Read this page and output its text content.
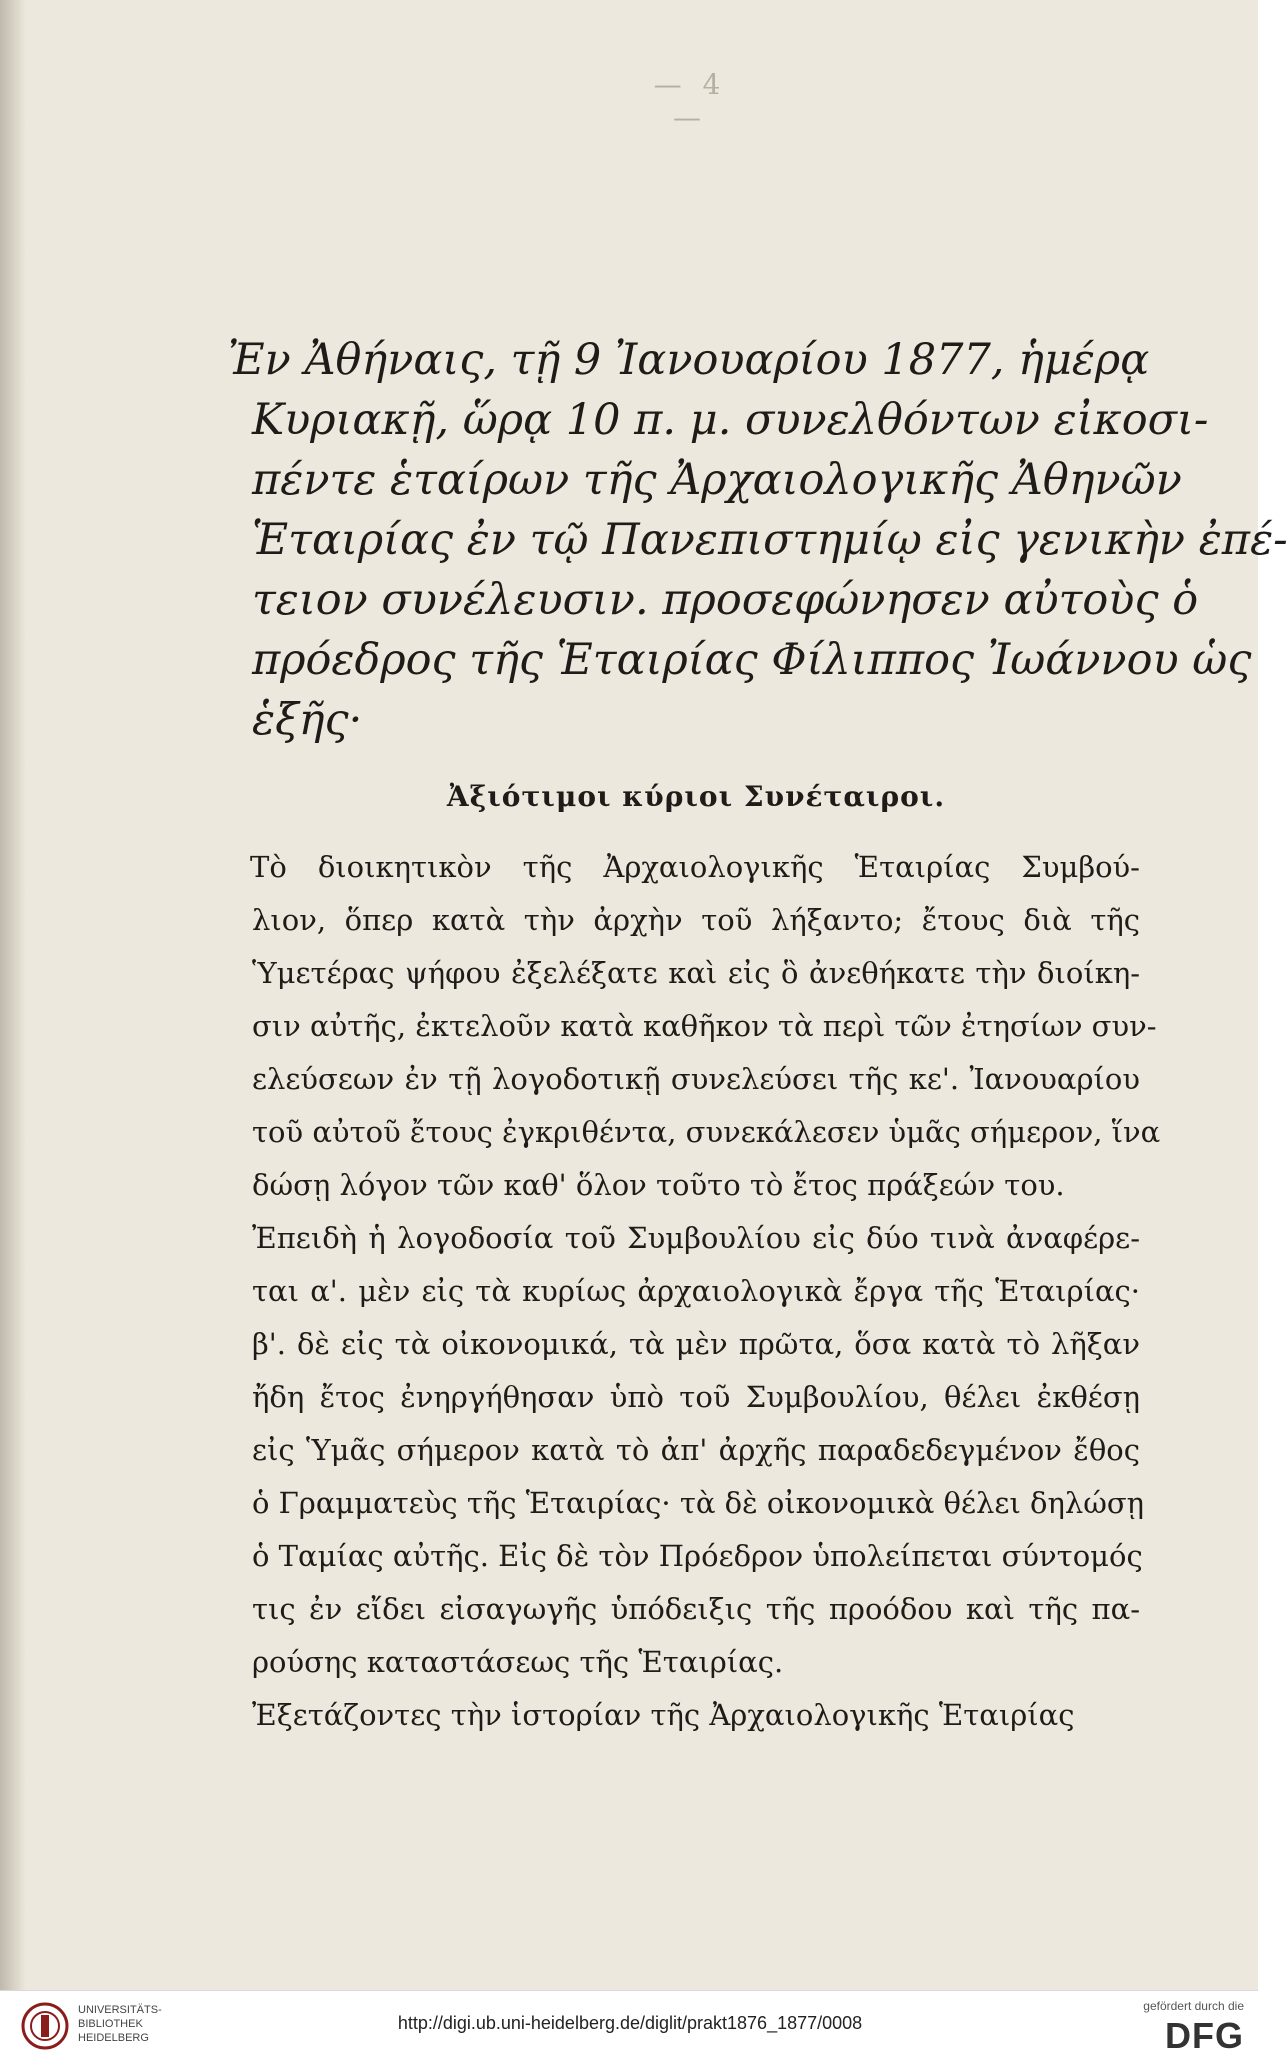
— 4 —
Ἐν Ἀθήναις, τῇ 9 Ἰανουαρίου 1877, ἡμέρᾳ
Κυριακῇ, ὥρᾳ 10 π. μ. συνελθόντων εἰκοσι-
πέντε ἑταίρων τῆς Ἀρχαιολογικῆς Ἀθηνῶν
Ἑταιρίας ἐν τῷ Πανεπιστημίῳ εἰς γενικὴν ἐπέ-
τειον συνέλευσιν. προσεφώνησεν αὐτοὺς ὁ
πρόεδρος τῆς Ἑταιρίας Φίλιππος Ἰωάννου ὡς
ἑξῆς·
Ἀξιότιμοι κύριοι Συνέταιροι.
Τὸ διοικητικὸν τῆς Ἀρχαιολογικῆς Ἑταιρίας Συμβού-
λιον, ὅπερ κατὰ τὴν ἀρχὴν τοῦ λήξαντο; ἔτους διὰ τῆς
Ὑμετέρας ψήφου ἐξελέξατε καὶ εἰς ὃ ἀνεθήκατε τὴν διοίκη-
σιν αὐτῆς, ἐκτελοῦν κατὰ καθῆκον τὰ περὶ τῶν ἐτησίων συν-
ελεύσεων ἐν τῇ λογοδοτικῇ συνελεύσει τῆς κε'. Ἰανουαρίου
τοῦ αὐτοῦ ἔτους ἐγκριθέντα, συνεκάλεσεν ὑμᾶς σήμερον, ἵνα
δώσῃ λόγον τῶν καθ' ὅλον τοῦτο τὸ ἔτος πράξεών του.
Ἐπειδὴ ἡ λογοδοσία τοῦ Συμβουλίου εἰς δύο τινὰ ἀναφέρε-
ται α'. μὲν εἰς τὰ κυρίως ἀρχαιολογικὰ ἔργα τῆς Ἑταιρίας·
β'. δὲ εἰς τὰ οἰκονομικά, τὰ μὲν πρῶτα, ὅσα κατὰ τὸ λῆξαν
ἤδη ἔτος ἐνηργήθησαν ὑπὸ τοῦ Συμβουλίου, θέλει ἐκθέσῃ
εἰς Ὑμᾶς σήμερον κατὰ τὸ ἀπ' ἀρχῆς παραδεδεγμένον ἔθος
ὁ Γραμματεὺς τῆς Ἑταιρίας· τὰ δὲ οἰκονομικὰ θέλει δηλώσῃ
ὁ Ταμίας αὐτῆς. Εἰς δὲ τὸν Πρόεδρον ὑπολείπεται σύντομός
τις ἐν εἴδει εἰσαγωγῆς ὑπόδειξις τῆς προόδου καὶ τῆς πα-
ρούσης καταστάσεως τῆς Ἑταιρίας.
Ἐξετάζοντες τὴν ἱστορίαν τῆς Ἀρχαιολογικῆς Ἑταιρίας
UNIVERSITÄTS-
BIBLIOTHEK
HEIDELBERG
http://digi.ub.uni-heidelberg.de/diglit/prakt1876_1877/0008
gefördert durch die
DFG
